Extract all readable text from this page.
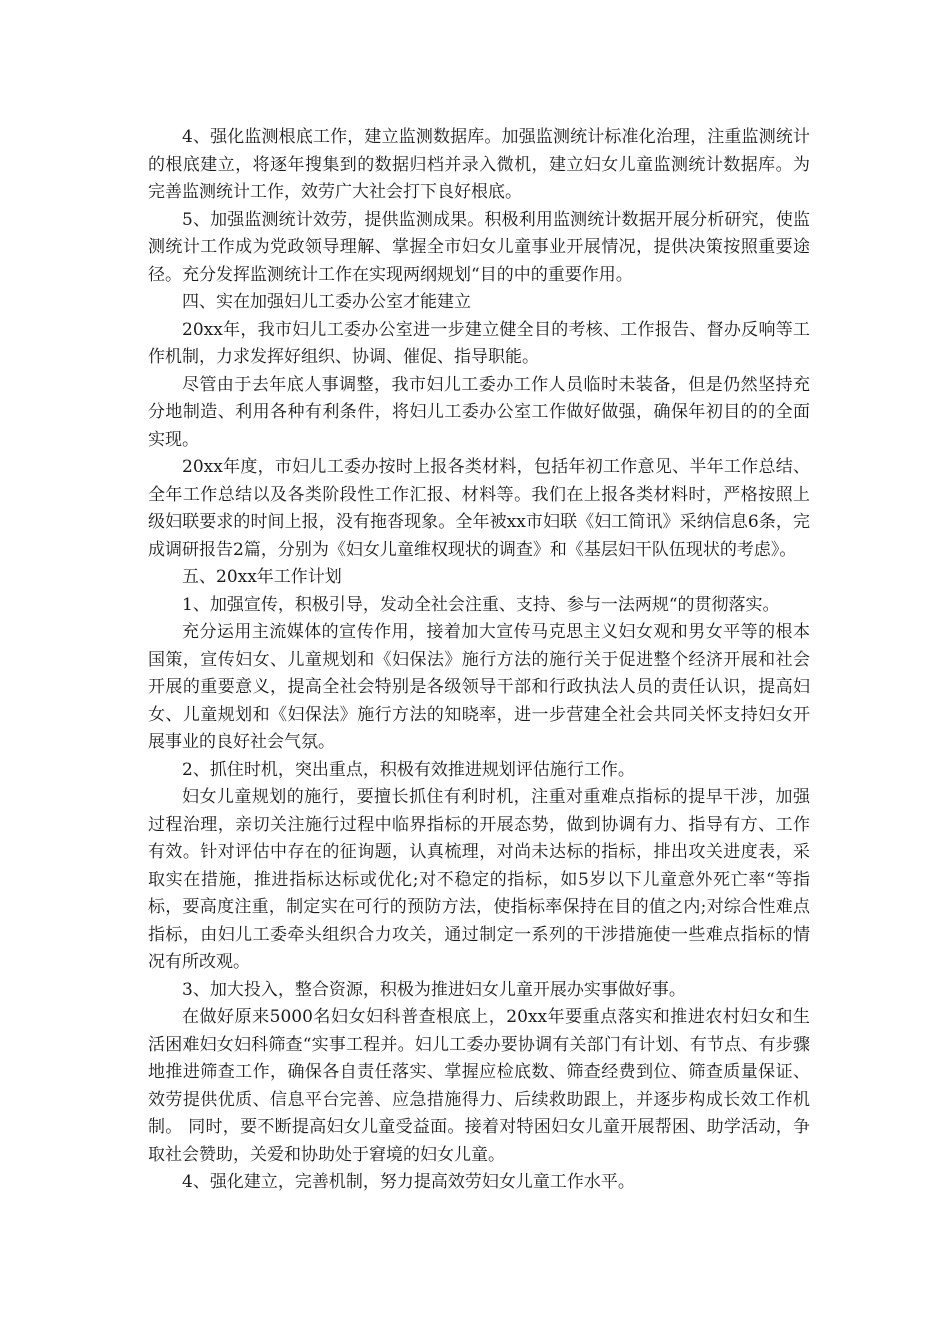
4、强化监测根底工作，建立监测数据库。加强监测统计标准化治理，注重监测统计的根底建立，将逐年搜集到的数据归档并录入微机，建立妇女儿童监测统计数据库。为完善监测统计工作，效劳广大社会打下良好根底。

5、加强监测统计效劳，提供监测成果。积极利用监测统计数据开展分析研究，使监测统计工作成为党政领导理解、掌握全市妇女儿童事业开展情况，提供决策按照重要途径。充分发挥监测统计工作在实现两纲规划“目的中的重要作用。

四、实在加强妇儿工委办公室才能建立

20xx年，我市妇儿工委办公室进一步建立健全目的考核、工作报告、督办反响等工作机制，力求发挥好组织、协调、催促、指导职能。

尽管由于去年底人事调整，我市妇儿工委办工作人员临时未装备，但是仍然坚持充分地制造、利用各种有利条件，将妇儿工委办公室工作做好做强，确保年初目的的全面实现。

20xx年度，市妇儿工委办按时上报各类材料，包括年初工作意见、半年工作总结、全年工作总结以及各类阶段性工作汇报、材料等。我们在上报各类材料时，严格按照上级妇联要求的时间上报，没有拖沓现象。全年被xx市妇联《妇工简讯》采纳信息6条，完成调研报告2篇，分别为《妇女儿童维权现状的调查》和《基层妇干队伍现状的考虑》。

五、20xx年工作计划

1、加强宣传，积极引导，发动全社会注重、支持、参与一法两规“的贯彻落实。

充分运用主流媒体的宣传作用，接着加大宣传马克思主义妇女观和男女平等的根本国策，宣传妇女、儿童规划和《妇保法》施行方法的施行关于促进整个经济开展和社会开展的重要意义，提高全社会特别是各级领导干部和行政执法人员的责任认识，提高妇女、儿童规划和《妇保法》施行方法的知晓率，进一步营建全社会共同关怀支持妇女开展事业的良好社会气氛。

2、抓住时机，突出重点，积极有效推进规划评估施行工作。

妇女儿童规划的施行，要擅长抓住有利时机，注重对重难点指标的提早干涉，加强过程治理，亲切关注施行过程中临界指标的开展态势，做到协调有力、指导有方、工作有效。针对评估中存在的征询题，认真梳理，对尚未达标的指标，排出攻关进度表，采取实在措施，推进指标达标或优化;对不稳定的指标，如5岁以下儿童意外死亡率“等指标，要高度注重，制定实在可行的预防方法，使指标率保持在目的值之内;对综合性难点指标，由妇儿工委牵头组织合力攻关，通过制定一系列的干涉措施使一些难点指标的情况有所改观。

3、加大投入，整合资源，积极为推进妇女儿童开展办实事做好事。

在做好原来5000名妇女妇科普查根底上，20xx年要重点落实和推进农村妇女和生活困难妇女妇科筛查“实事工程并。妇儿工委办要协调有关部门有计划、有节点、有步骤地推进筛查工作，确保各自责任落实、掌握应检底数、筛查经费到位、筛查质量保证、效劳提供优质、信息平台完善、应急措施得力、后续救助跟上，并逐步构成长效工作机制。 同时，要不断提高妇女儿童受益面。接着对特困妇女儿童开展帮困、助学活动，争取社会赞助，关爱和协助处于窘境的妇女儿童。

4、强化建立，完善机制，努力提高效劳妇女儿童工作水平。
